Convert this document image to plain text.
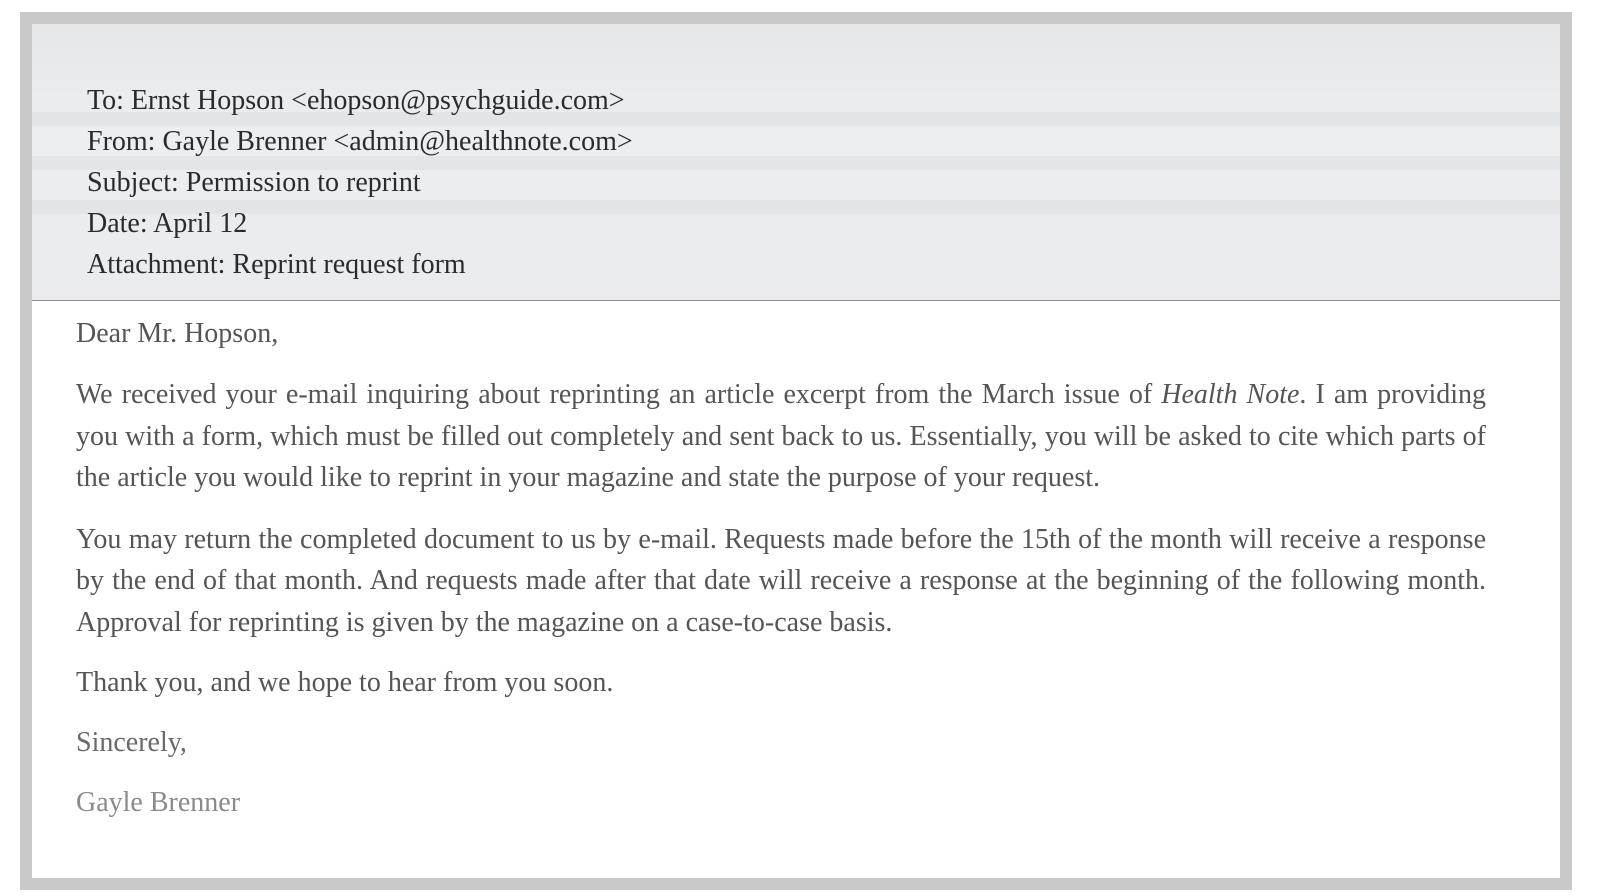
To: Ernst Hopson <ehopson@psychguide.com>
From: Gayle Brenner <admin@healthnote.com>
Subject: Permission to reprint
Date: April 12
Attachment: Reprint request form

Dear Mr. Hopson,

We received your e-mail inquiring about reprinting an article excerpt from the March issue of Health Note. I am providing you with a form, which must be filled out completely and sent back to us. Essentially, you will be asked to cite which parts of the article you would like to reprint in your magazine and state the purpose of your request.

You may return the completed document to us by e-mail. Requests made before the 15th of the month will receive a response by the end of that month. And requests made after that date will receive a response at the beginning of the following month. Approval for reprinting is given by the magazine on a case-to-case basis.

Thank you, and we hope to hear from you soon.

Sincerely,

Gayle Brenner
